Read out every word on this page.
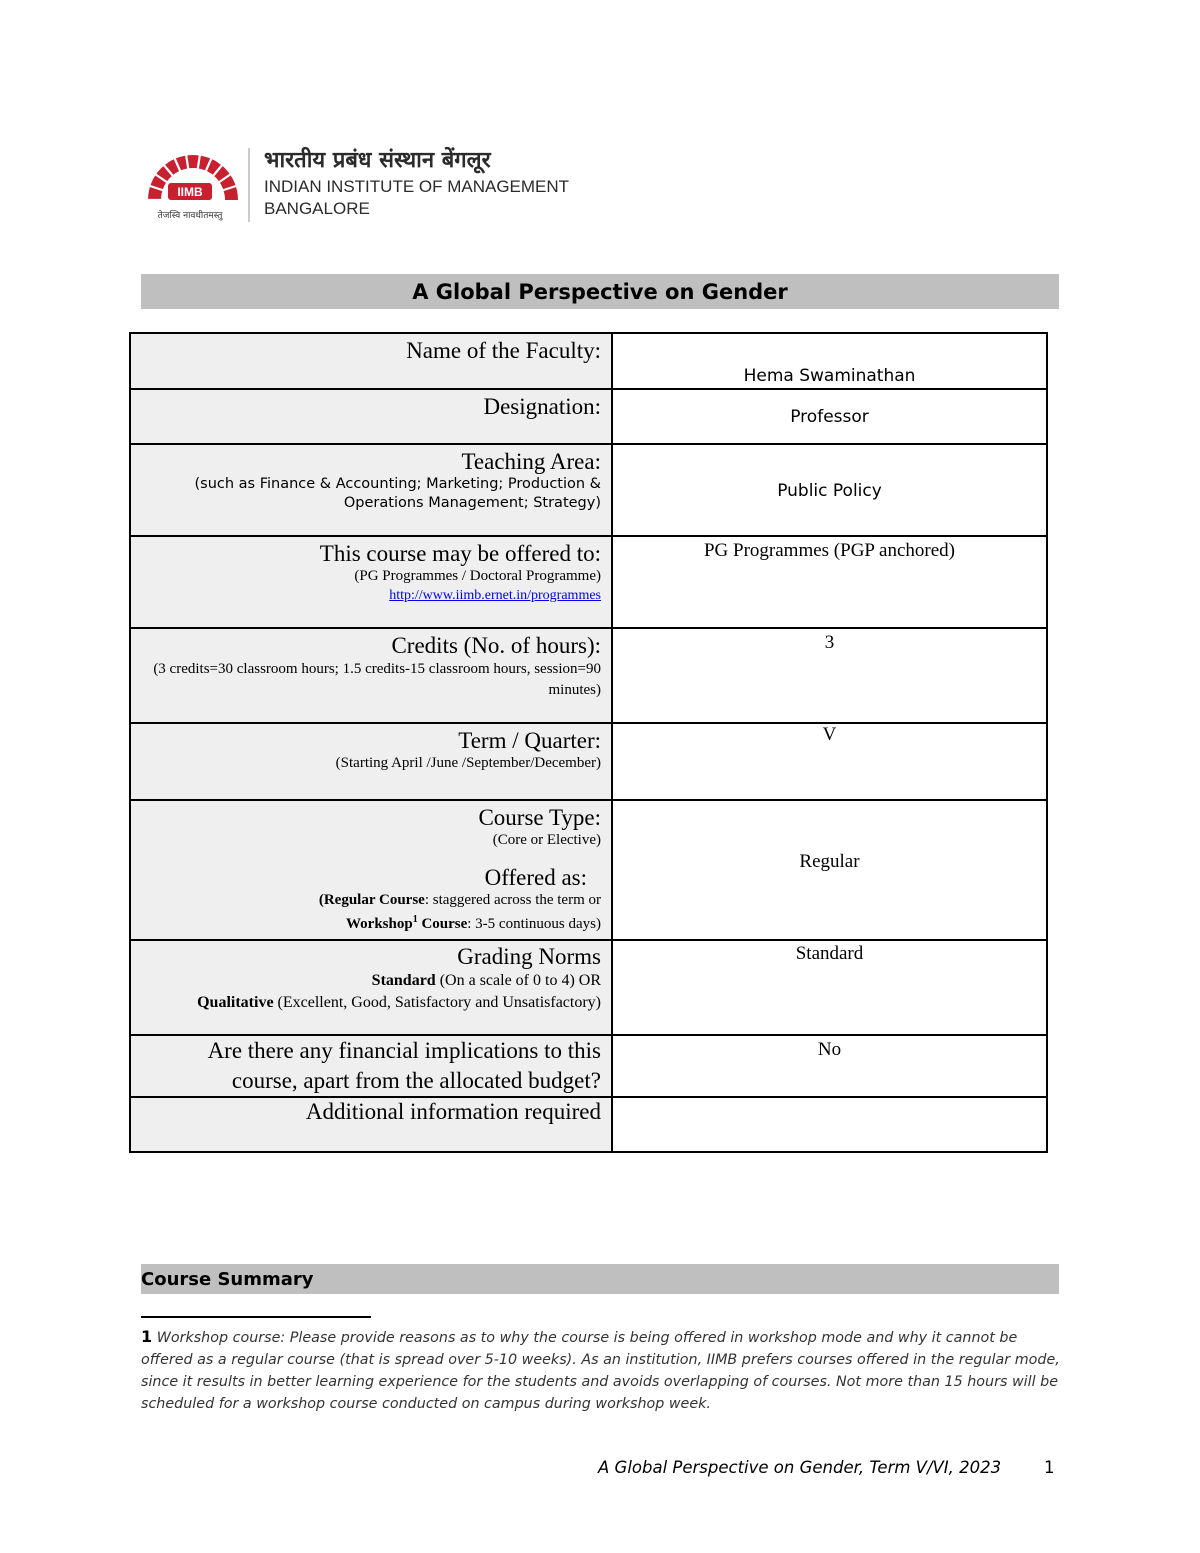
IIMB
तेजस्वि नावधीतमस्तु
भारतीय प्रबंध संस्थान बेंगलूर
INDIAN INSTITUTE OF MANAGEMENT
BANGALORE
A Global Perspective on Gender
Name of the Faculty:	Hema Swaminathan

Designation:	Professor

Teaching Area:
(such as Finance & Accounting; Marketing; Production & Operations Management; Strategy)	Public Policy

This course may be offered to:
(PG Programmes / Doctoral Programme)
http://www.iimb.ernet.in/programmes	PG Programmes (PGP anchored)

Credits (No. of hours):
(3 credits=30 classroom hours; 1.5 credits-15 classroom hours, session=90 minutes)	3

Term / Quarter:
(Starting April /June /September/December)	V

Course Type:
(Core or Elective)
Offered as:
(Regular Course: staggered across the term or
Workshop$^1$ Course: 3-5 continuous days)	Regular

Grading Norms
Standard (On a scale of 0 to 4) OR
Qualitative (Excellent, Good, Satisfactory and Unsatisfactory)	Standard

Are there any financial implications to this course, apart from the allocated budget?	No

Additional information required	

Course Summary
1 Workshop course: Please provide reasons as to why the course is being offered in workshop mode and why it cannot be offered as a regular course (that is spread over 5-10 weeks). As an institution, IIMB prefers courses offered in the regular mode, since it results in better learning experience for the students and avoids overlapping of courses. Not more than 15 hours will be scheduled for a workshop course conducted on campus during workshop week.
A Global Perspective on Gender, Term V/VI, 2023	1
